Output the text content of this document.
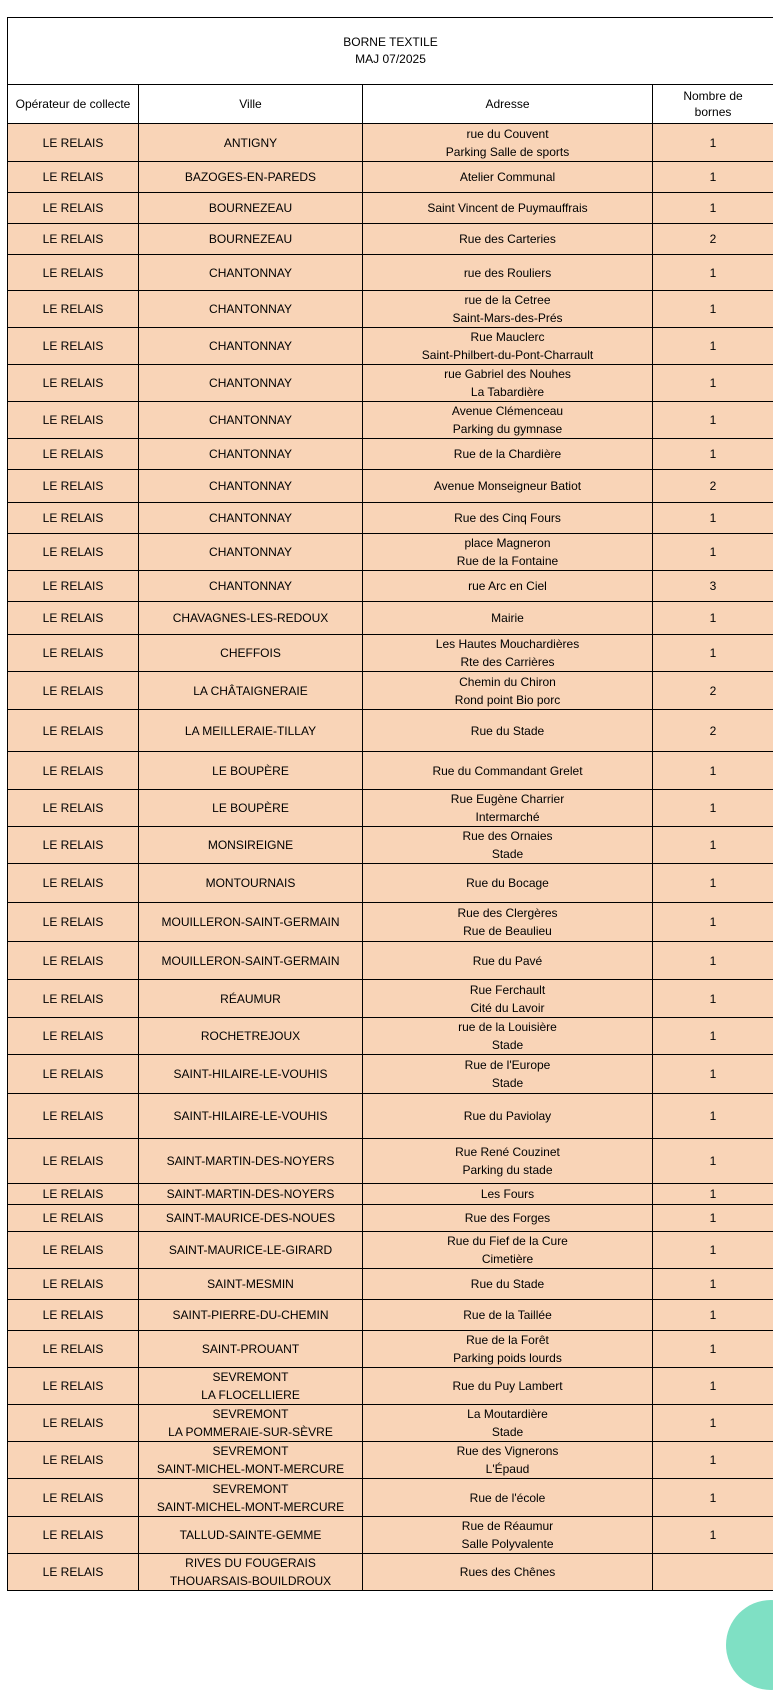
BORNE TEXTILE
MAJ 07/2025			

Opérateur de collecte	Ville	Adresse	Nombre de
bornes

LE RELAIS	ANTIGNY	rue du Couvent
Parking Salle de sports	1
LE RELAIS	BAZOGES-EN-PAREDS	Atelier Communal	1
LE RELAIS	BOURNEZEAU	Saint Vincent de Puymauffrais	1
LE RELAIS	BOURNEZEAU	Rue des Carteries	2
LE RELAIS	CHANTONNAY	rue des Rouliers	1
LE RELAIS	CHANTONNAY	rue de la Cetree
Saint-Mars-des-Prés	1
LE RELAIS	CHANTONNAY	Rue Mauclerc
Saint-Philbert-du-Pont-Charrault	1
LE RELAIS	CHANTONNAY	rue Gabriel des Nouhes
La Tabardière	1
LE RELAIS	CHANTONNAY	Avenue Clémenceau
Parking du gymnase	1
LE RELAIS	CHANTONNAY	Rue de la Chardière	1
LE RELAIS	CHANTONNAY	Avenue Monseigneur Batiot	2
LE RELAIS	CHANTONNAY	Rue des Cinq Fours	1
LE RELAIS	CHANTONNAY	place Magneron
Rue de la Fontaine	1
LE RELAIS	CHANTONNAY	rue Arc en Ciel	3
LE RELAIS	CHAVAGNES-LES-REDOUX	Mairie	1
LE RELAIS	CHEFFOIS	Les Hautes Mouchardières
Rte des Carrières	1
LE RELAIS	LA CHÂTAIGNERAIE	Chemin du Chiron
Rond point Bio porc	2
LE RELAIS	LA MEILLERAIE-TILLAY	Rue du Stade	2
LE RELAIS	LE BOUPÈRE	Rue du Commandant Grelet	1
LE RELAIS	LE BOUPÈRE	Rue Eugène Charrier
Intermarché	1
LE RELAIS	MONSIREIGNE	Rue des Ornaies
Stade	1
LE RELAIS	MONTOURNAIS	Rue du Bocage	1
LE RELAIS	MOUILLERON-SAINT-GERMAIN	Rue des Clergères
Rue de Beaulieu	1
LE RELAIS	MOUILLERON-SAINT-GERMAIN	Rue du Pavé	1
LE RELAIS	RÉAUMUR	Rue Ferchault
Cité du Lavoir	1
LE RELAIS	ROCHETREJOUX	rue de la Louisière
Stade	1
LE RELAIS	SAINT-HILAIRE-LE-VOUHIS	Rue de l'Europe
Stade	1
LE RELAIS	SAINT-HILAIRE-LE-VOUHIS	Rue du Paviolay	1
LE RELAIS	SAINT-MARTIN-DES-NOYERS	Rue René Couzinet
Parking du stade	1
LE RELAIS	SAINT-MARTIN-DES-NOYERS	Les Fours	1
LE RELAIS	SAINT-MAURICE-DES-NOUES	Rue des Forges	1
LE RELAIS	SAINT-MAURICE-LE-GIRARD	Rue du Fief de la Cure
Cimetière	1
LE RELAIS	SAINT-MESMIN	Rue du Stade	1
LE RELAIS	SAINT-PIERRE-DU-CHEMIN	Rue de la Taillée	1
LE RELAIS	SAINT-PROUANT	Rue de la Forêt
Parking poids lourds	1
LE RELAIS	SEVREMONT
LA FLOCELLIERE	Rue du Puy Lambert	1
LE RELAIS	SEVREMONT
LA POMMERAIE-SUR-SÈVRE	La Moutardière
Stade	1
LE RELAIS	SEVREMONT
SAINT-MICHEL-MONT-MERCURE	Rue des Vignerons
L'Épaud	1
LE RELAIS	SEVREMONT
SAINT-MICHEL-MONT-MERCURE	Rue de l'école	1
LE RELAIS	TALLUD-SAINTE-GEMME	Rue de Réaumur
Salle Polyvalente	1
LE RELAIS	RIVES DU FOUGERAIS
THOUARSAIS-BOUILDROUX	Rues des Chênes	
